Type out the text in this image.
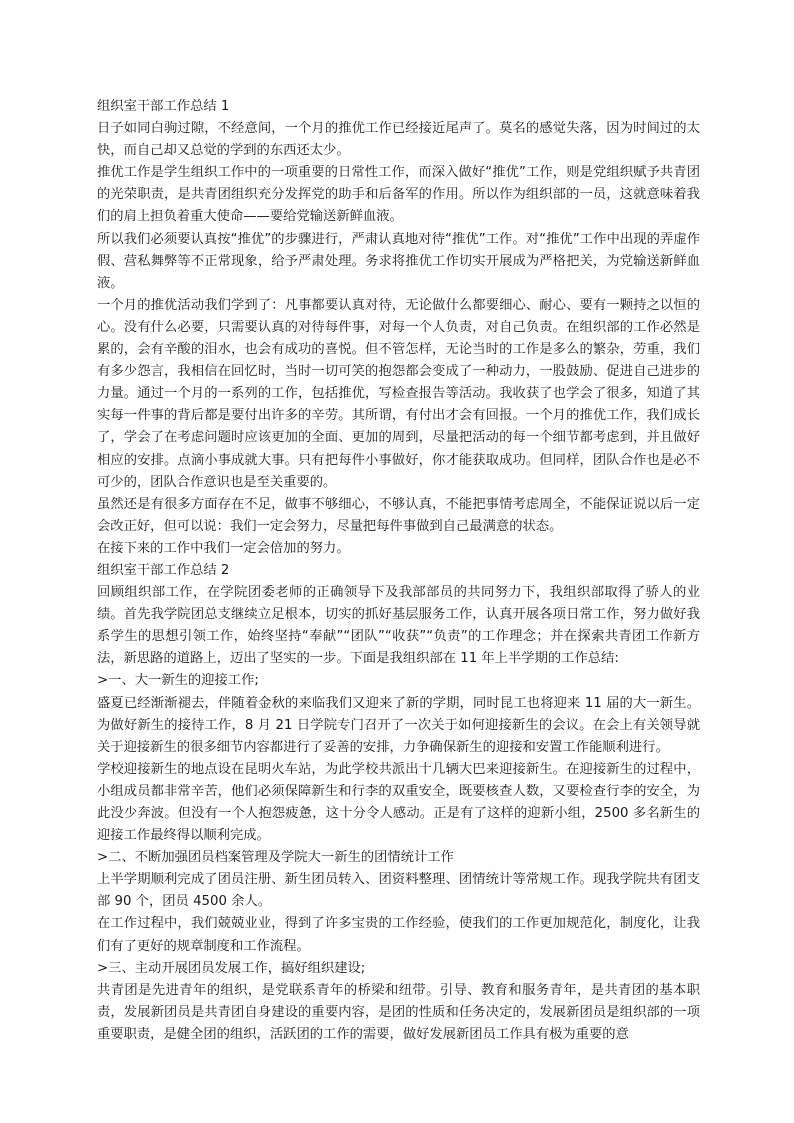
组织室干部工作总结 1

日子如同白驹过隙，不经意间，一个月的推优工作已经接近尾声了。莫名的感觉失落，因为时间过的太快，而自己却又总觉的学到的东西还太少。

推优工作是学生组织工作中的一项重要的日常性工作，而深入做好“推优”工作，则是党组织赋予共青团的光荣职责，是共青团组织充分发挥党的助手和后备军的作用。所以作为组织部的一员，这就意味着我们的肩上担负着重大使命——要给党输送新鲜血液。

所以我们必须要认真按“推优”的步骤进行，严肃认真地对待“推优”工作。对“推优”工作中出现的弄虚作假、营私舞弊等不正常现象，给予严肃处理。务求将推优工作切实开展成为严格把关，为党输送新鲜血液。

一个月的推优活动我们学到了：凡事都要认真对待，无论做什么都要细心、耐心、要有一颗持之以恒的心。没有什么必要，只需要认真的对待每件事，对每一个人负责，对自己负责。在组织部的工作必然是累的，会有辛酸的泪水，也会有成功的喜悦。但不管怎样，无论当时的工作是多么的繁杂，劳重，我们有多少怨言，我相信在回忆时，当时一切可笑的抱怨都会变成了一种动力，一股鼓励、促进自己进步的力量。通过一个月的一系列的工作，包括推优，写检查报告等活动。我收获了也学会了很多，知道了其实每一件事的背后都是要付出许多的辛劳。其所谓，有付出才会有回报。一个月的推优工作，我们成长了，学会了在考虑问题时应该更加的全面、更加的周到，尽量把活动的每一个细节都考虑到，并且做好相应的安排。点滴小事成就大事。只有把每件小事做好，你才能获取成功。但同样，团队合作也是必不可少的，团队合作意识也是至关重要的。

虽然还是有很多方面存在不足，做事不够细心，不够认真，不能把事情考虑周全，不能保证说以后一定会改正好，但可以说：我们一定会努力，尽量把每件事做到自己最满意的状态。

在接下来的工作中我们一定会倍加的努力。

组织室干部工作总结 2

回顾组织部工作，在学院团委老师的正确领导下及我部部员的共同努力下，我组织部取得了骄人的业绩。首先我学院团总支继续立足根本，切实的抓好基层服务工作，认真开展各项日常工作，努力做好我系学生的思想引领工作，始终坚持“奉献”“团队”“收获”“负责”的工作理念；并在探索共青团工作新方法，新思路的道路上，迈出了坚实的一步。下面是我组织部在 11 年上半学期的工作总结:

>一、大一新生的迎接工作;

盛夏已经渐渐褪去，伴随着金秋的来临我们又迎来了新的学期，同时昆工也将迎来 11 届的大一新生。为做好新生的接待工作，8 月 21 日学院专门召开了一次关于如何迎接新生的会议。在会上有关领导就关于迎接新生的很多细节内容都进行了妥善的安排，力争确保新生的迎接和安置工作能顺利进行。

学校迎接新生的地点设在昆明火车站，为此学校共派出十几辆大巴来迎接新生。在迎接新生的过程中，小组成员都非常辛苦，他们必须保障新生和行李的双重安全，既要核查人数，又要检查行李的安全，为此没少奔波。但没有一个人抱怨疲惫，这十分令人感动。正是有了这样的迎新小组，2500 多名新生的迎接工作最终得以顺利完成。

>二、不断加强团员档案管理及学院大一新生的团情统计工作

上半学期顺利完成了团员注册、新生团员转入、团资料整理、团情统计等常规工作。现我学院共有团支部 90 个，团员 4500 余人。

在工作过程中，我们兢兢业业，得到了许多宝贵的工作经验，使我们的工作更加规范化，制度化，让我们有了更好的规章制度和工作流程。

>三、主动开展团员发展工作，搞好组织建设;

共青团是先进青年的组织，是党联系青年的桥梁和纽带。引导、教育和服务青年，是共青团的基本职责，发展新团员是共青团自身建设的重要内容，是团的性质和任务决定的，发展新团员是组织部的一项重要职责，是健全团的组织，活跃团的工作的需要，做好发展新团员工作具有极为重要的意
